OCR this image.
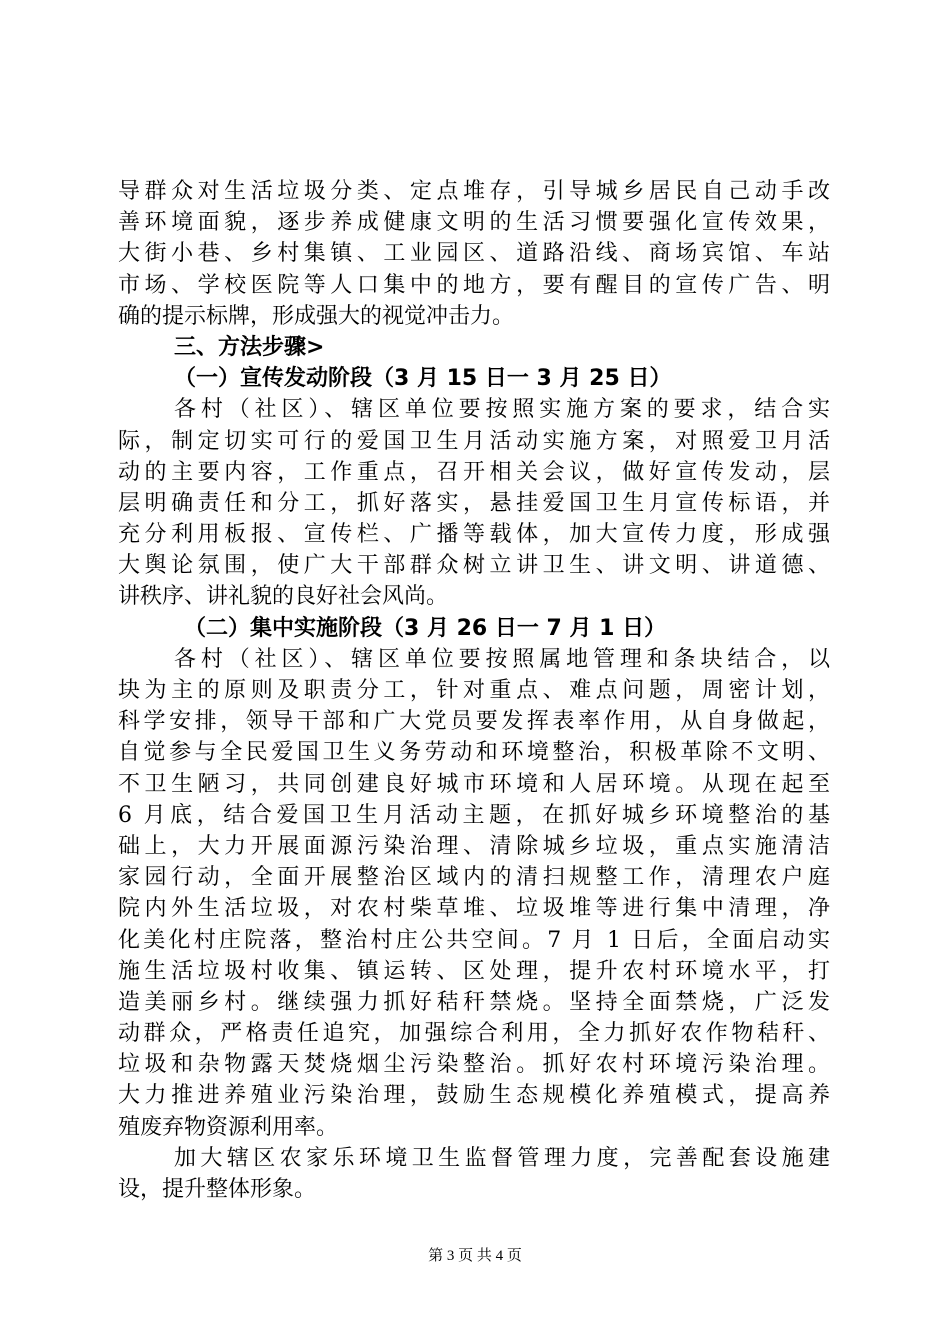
导群众对生活垃圾分类、定点堆存，引导城乡居民自己动手改
善环境面貌，逐步养成健康文明的生活习惯要强化宣传效果，
大街小巷、乡村集镇、工业园区、道路沿线、商场宾馆、车站
市场、学校医院等人口集中的地方，要有醒目的宣传广告、明
确的提示标牌，形成强大的视觉冲击力。
三、方法步骤>
（一）宣传发动阶段（3 月 15 日一 3 月 25 日）
各村（社区）、辖区单位要按照实施方案的要求，结合实
际，制定切实可行的爱国卫生月活动实施方案，对照爱卫月活
动的主要内容，工作重点，召开相关会议，做好宣传发动，层
层明确责任和分工，抓好落实，悬挂爱国卫生月宣传标语，并
充分利用板报、宣传栏、广播等载体，加大宣传力度，形成强
大舆论氛围，使广大干部群众树立讲卫生、讲文明、讲道德、
讲秩序、讲礼貌的良好社会风尚。
（二）集中实施阶段（3 月 26 日一 7 月 1 日）
各村（社区）、辖区单位要按照属地管理和条块结合，以
块为主的原则及职责分工，针对重点、难点问题，周密计划，
科学安排，领导干部和广大党员要发挥表率作用，从自身做起，
自觉参与全民爱国卫生义务劳动和环境整治，积极革除不文明、
不卫生陋习，共同创建良好城市环境和人居环境。从现在起至
6 月底，结合爱国卫生月活动主题，在抓好城乡环境整治的基
础上，大力开展面源污染治理、清除城乡垃圾，重点实施清洁
家园行动，全面开展整治区域内的清扫规整工作，清理农户庭
院内外生活垃圾，对农村柴草堆、垃圾堆等进行集中清理，净
化美化村庄院落，整治村庄公共空间。7 月 1 日后，全面启动实
施生活垃圾村收集、镇运转、区处理，提升农村环境水平，打
造美丽乡村。继续强力抓好秸秆禁烧。坚持全面禁烧，广泛发
动群众，严格责任追究，加强综合利用，全力抓好农作物秸秆、
垃圾和杂物露天焚烧烟尘污染整治。抓好农村环境污染治理。
大力推进养殖业污染治理，鼓励生态规模化养殖模式，提高养
殖废弃物资源利用率。
加大辖区农家乐环境卫生监督管理力度，完善配套设施建
设，提升整体形象。
第 3 页 共 4 页
